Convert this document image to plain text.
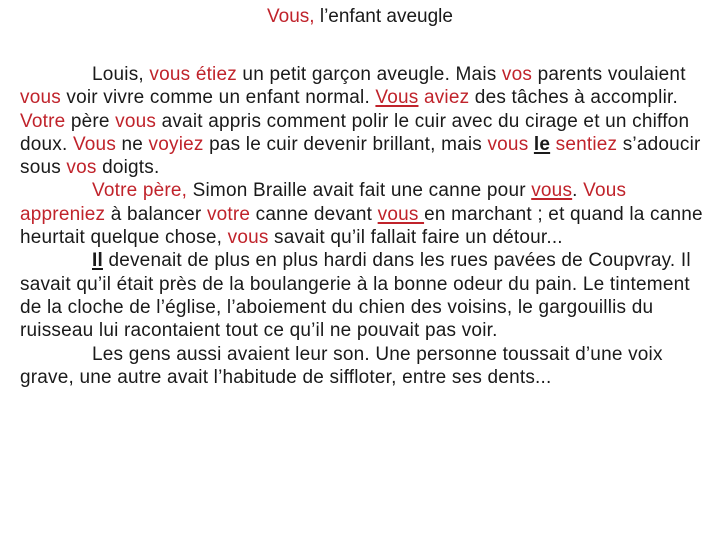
Vous, l’enfant aveugle

Louis, vous étiez un petit garçon aveugle. Mais vos parents voulaient vous voir vivre comme un enfant normal. Vous aviez des tâches à accomplir. Votre père vous avait appris comment polir le cuir avec du cirage et un chiffon doux. Vous ne voyiez pas le cuir devenir brillant, mais vous le sentiez s’adoucir sous vos doigts.

Votre père, Simon Braille avait fait une canne pour vous. Vous appreniez à balancer votre canne devant vous en marchant ; et quand la canne heurtait quelque chose, vous savait qu’il fallait faire un détour...

Il devenait de plus en plus hardi dans les rues pavées de Coupvray. Il savait qu’il était près de la boulangerie à la bonne odeur du pain. Le tintement de la cloche de l’église, l’aboiement du chien des voisins, le gargouillis du ruisseau lui racontaient tout ce qu’il ne pouvait pas voir.

Les gens aussi avaient leur son. Une personne toussait d’une voix grave, une autre avait l’habitude de siffloter, entre ses dents...
